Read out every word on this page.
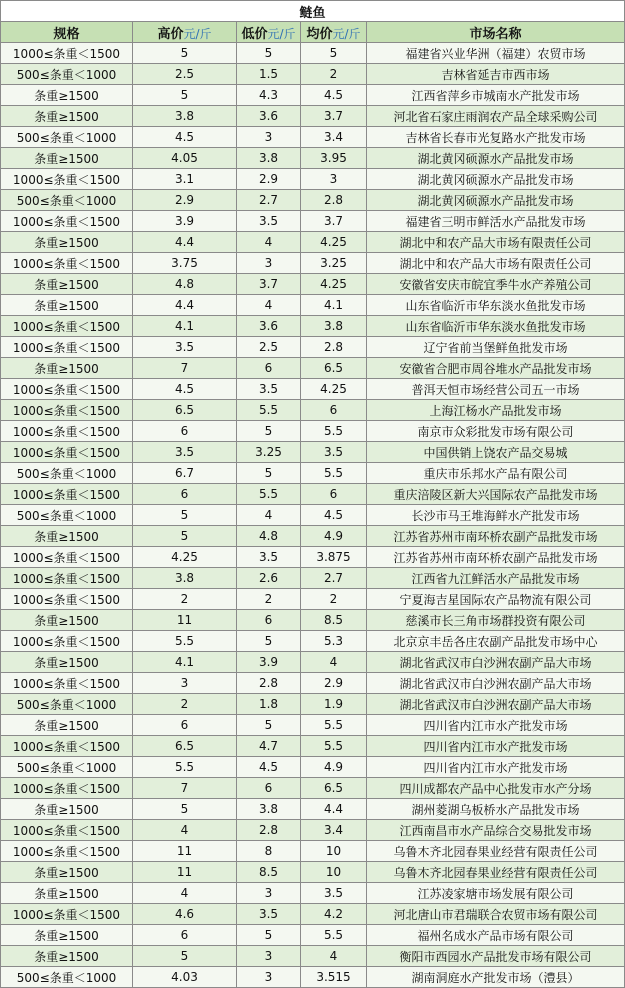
鲢鱼				
规格	高价元/斤	低价元/斤	均价元/斤	市场名称
1000≤条重＜1500	5	5	5	福建省兴业华洲（福建）农贸市场
500≤条重＜1000	2.5	1.5	2	吉林省延吉市西市场
条重≥1500	5	4.3	4.5	江西省萍乡市城南水产批发市场
条重≥1500	3.8	3.6	3.7	河北省石家庄雨润农产品全球采购公司
500≤条重＜1000	4.5	3	3.4	吉林省长春市光复路水产批发市场
条重≥1500	4.05	3.8	3.95	湖北黄冈硕源水产品批发市场
1000≤条重＜1500	3.1	2.9	3	湖北黄冈硕源水产品批发市场
500≤条重＜1000	2.9	2.7	2.8	湖北黄冈硕源水产品批发市场
1000≤条重＜1500	3.9	3.5	3.7	福建省三明市鲜活水产品批发市场
条重≥1500	4.4	4	4.25	湖北中和农产品大市场有限责任公司
1000≤条重＜1500	3.75	3	3.25	湖北中和农产品大市场有限责任公司
条重≥1500	4.8	3.7	4.25	安徽省安庆市皖宜季牛水产养殖公司
条重≥1500	4.4	4	4.1	山东省临沂市华东淡水鱼批发市场
1000≤条重＜1500	4.1	3.6	3.8	山东省临沂市华东淡水鱼批发市场
1000≤条重＜1500	3.5	2.5	2.8	辽宁省前当堡鲜鱼批发市场
条重≥1500	7	6	6.5	安徽省合肥市周谷堆水产品批发市场
1000≤条重＜1500	4.5	3.5	4.25	普洱天恒市场经营公司五一市场
1000≤条重＜1500	6.5	5.5	6	上海江杨水产品批发市场
1000≤条重＜1500	6	5	5.5	南京市众彩批发市场有限公司
1000≤条重＜1500	3.5	3.25	3.5	中国供销上饶农产品交易城
500≤条重＜1000	6.7	5	5.5	重庆市乐邦水产品有限公司
1000≤条重＜1500	6	5.5	6	重庆涪陵区新大兴国际农产品批发市场
500≤条重＜1000	5	4	4.5	长沙市马王堆海鲜水产批发市场
条重≥1500	5	4.8	4.9	江苏省苏州市南环桥农副产品批发市场
1000≤条重＜1500	4.25	3.5	3.875	江苏省苏州市南环桥农副产品批发市场
1000≤条重＜1500	3.8	2.6	2.7	江西省九江鲜活水产品批发市场
1000≤条重＜1500	2	2	2	宁夏海吉星国际农产品物流有限公司
条重≥1500	11	6	8.5	慈溪市长三角市场群投资有限公司
1000≤条重＜1500	5.5	5	5.3	北京京丰岳各庄农副产品批发市场中心
条重≥1500	4.1	3.9	4	湖北省武汉市白沙洲农副产品大市场
1000≤条重＜1500	3	2.8	2.9	湖北省武汉市白沙洲农副产品大市场
500≤条重＜1000	2	1.8	1.9	湖北省武汉市白沙洲农副产品大市场
条重≥1500	6	5	5.5	四川省内江市水产批发市场
1000≤条重＜1500	6.5	4.7	5.5	四川省内江市水产批发市场
500≤条重＜1000	5.5	4.5	4.9	四川省内江市水产批发市场
1000≤条重＜1500	7	6	6.5	四川成都农产品中心批发市水产分场
条重≥1500	5	3.8	4.4	湖州菱湖乌板桥水产品批发市场
1000≤条重＜1500	4	2.8	3.4	江西南昌市水产品综合交易批发市场
1000≤条重＜1500	11	8	10	乌鲁木齐北园春果业经营有限责任公司
条重≥1500	11	8.5	10	乌鲁木齐北园春果业经营有限责任公司
条重≥1500	4	3	3.5	江苏凌家塘市场发展有限公司
1000≤条重＜1500	4.6	3.5	4.2	河北唐山市君瑞联合农贸市场有限公司
条重≥1500	6	5	5.5	福州名成水产品市场有限公司
条重≥1500	5	3	4	衡阳市西园水产品批发市场有限公司
500≤条重＜1000	4.03	3	3.515	湖南洞庭水产批发市场（澧县）
